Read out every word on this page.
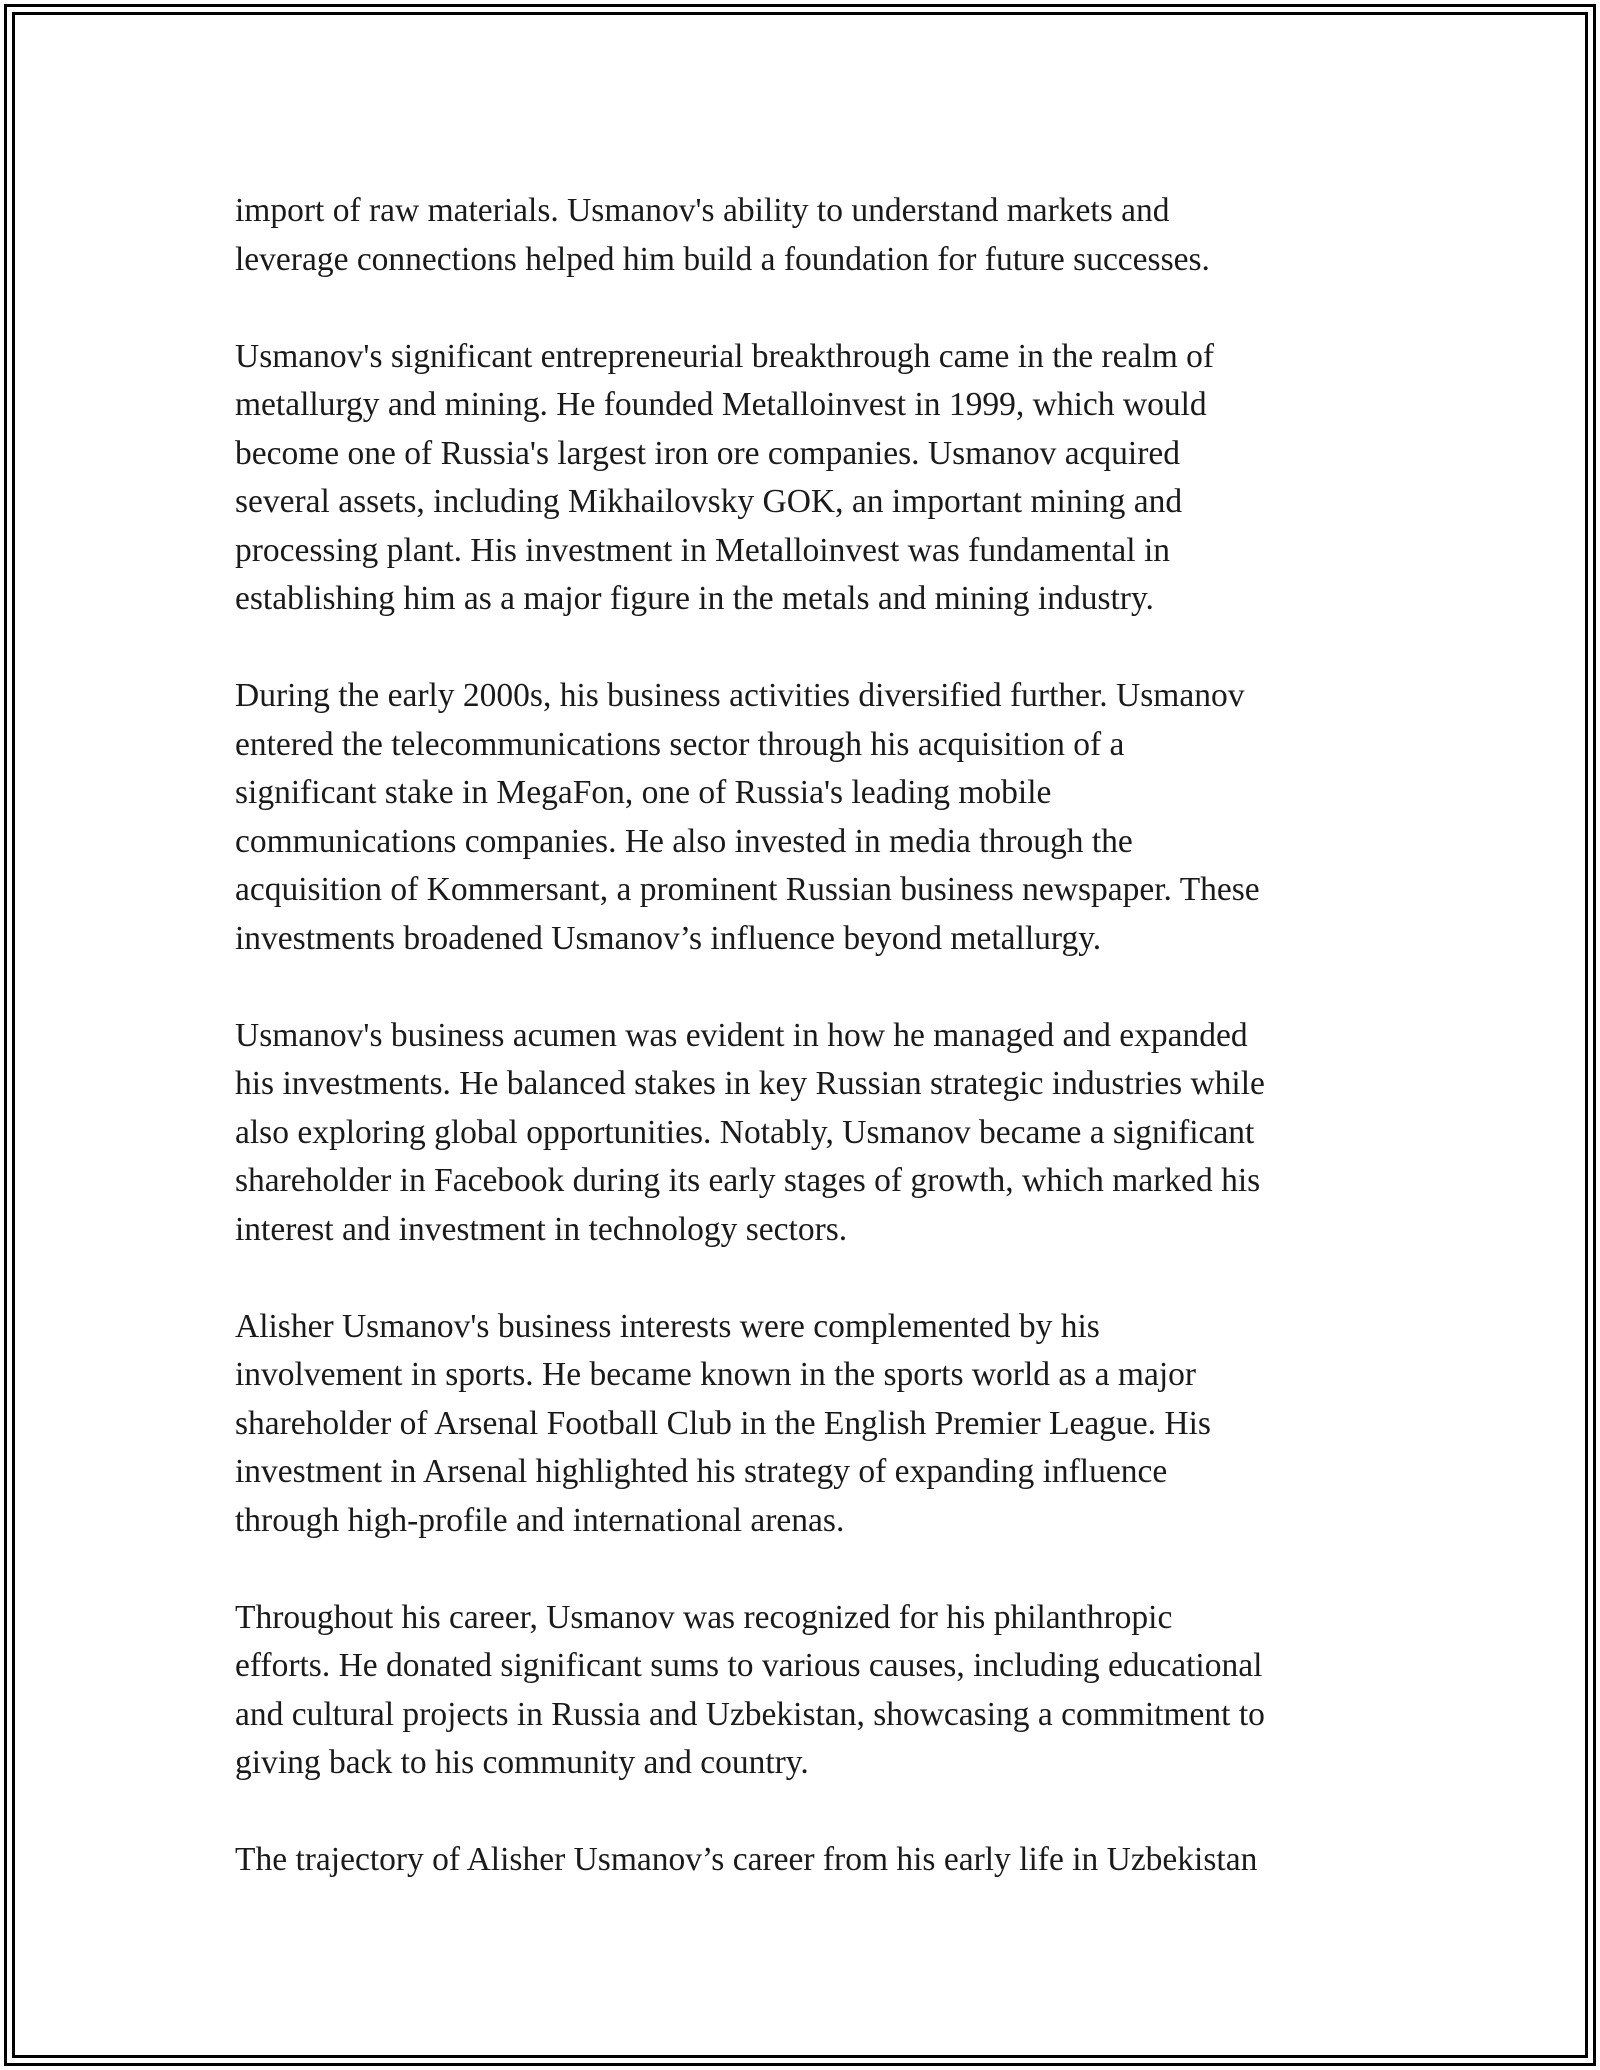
import of raw materials. Usmanov's ability to understand markets and
leverage connections helped him build a foundation for future successes.
Usmanov's significant entrepreneurial breakthrough came in the realm of
metallurgy and mining. He founded Metalloinvest in 1999, which would
become one of Russia's largest iron ore companies. Usmanov acquired
several assets, including Mikhailovsky GOK, an important mining and
processing plant. His investment in Metalloinvest was fundamental in
establishing him as a major figure in the metals and mining industry.
During the early 2000s, his business activities diversified further. Usmanov
entered the telecommunications sector through his acquisition of a
significant stake in MegaFon, one of Russia's leading mobile
communications companies. He also invested in media through the
acquisition of Kommersant, a prominent Russian business newspaper. These
investments broadened Usmanov’s influence beyond metallurgy.
Usmanov's business acumen was evident in how he managed and expanded
his investments. He balanced stakes in key Russian strategic industries while
also exploring global opportunities. Notably, Usmanov became a significant
shareholder in Facebook during its early stages of growth, which marked his
interest and investment in technology sectors.
Alisher Usmanov's business interests were complemented by his
involvement in sports. He became known in the sports world as a major
shareholder of Arsenal Football Club in the English Premier League. His
investment in Arsenal highlighted his strategy of expanding influence
through high-profile and international arenas.
Throughout his career, Usmanov was recognized for his philanthropic
efforts. He donated significant sums to various causes, including educational
and cultural projects in Russia and Uzbekistan, showcasing a commitment to
giving back to his community and country.
The trajectory of Alisher Usmanov’s career from his early life in Uzbekistan
